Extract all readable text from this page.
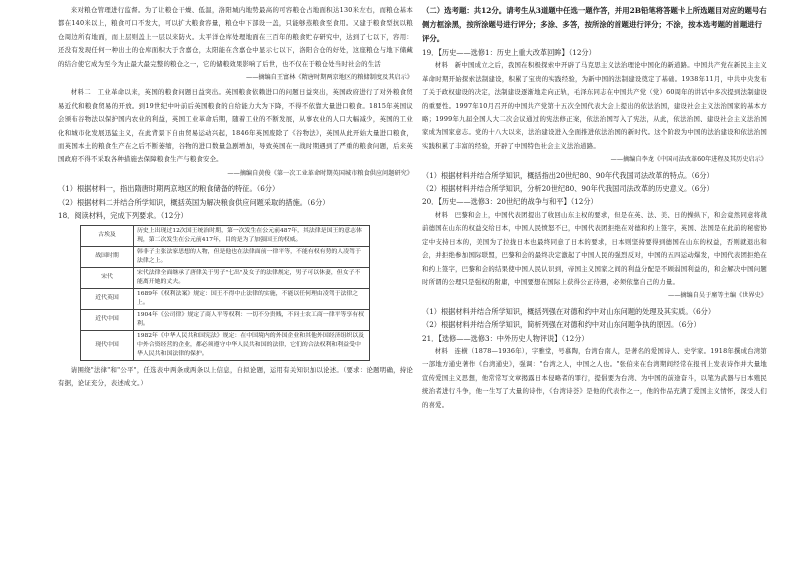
来对粮仓管理进行监督。为了让粮仓干燥、低温，洛阳城内地势最高的可容粮仓占地面积达130米左右，而粮仓基本都在140米以上，粮食可口不发大，可以扩大粮食容量，粮仓中下部设一盖，只能够蒸粮食至食用。又建于粮食型抗以粮仓周边所有地面，而上层则盖上一层以来防火。太平洋仓库处理地面在三百年的粮食贮存研究中，达到了七以下，容用：还没有发现任何一种出土的仓库面积大于含嘉仓，太阳能在含嘉仓中显示七以下，洛阳合仓的好处，这座粮仓与地下储藏的结合使它成为至今为止最大最完整的粮仓之一，它的储粮效果影响了后世，也不仅在于粮仓处当时社会的生活

——摘编自王富林《隋唐时期两京地区的粮储制度及其启示》

材料二　工业革命以来，英国的粮食问题日益突出。英国粮食依赖进口的问题日益突出，英国政府进行了对外粮食贸易近代和粮食贸易的开放。到19世纪中叶前后英国粮食的自给能力大为下降，不得不依靠大量进口粮食。1815年英国议会颁布谷物法以保护国内农业的利益，英国工业革命后期，随着工业的不断发展，从事农业的人口大幅减少，英国的工业化和城市化发展迅猛主义，在此背景下自由贸易运动兴起，1846年英国废除了《谷物法》，英国从此开始大量进口粮食，而英国本土的粮食生产在之后不断萎缩，谷物的进口数量急剧增加，导致英国在一战时期遇到了严重的粮食问题，后来英国政府不得不采取各种措施去保障粮食生产与粮食安全。

——摘编自黄俊《第一次工业革命时期英国城市粮食供应问题研究》

（1）根据材料一，指出隋唐时期两京地区的粮食储备的特征。（6分）

（2）根据材料二并结合所学知识，概括英国为解决粮食供应问题采取的措施。（6分）

18．阅读材料，完成下列要求。（12分）

古埃及	历史上出现过12次国王统治时期，第一次发生在公元前487年，其法律是国王的意志体现，第二次发生在公元前417年，目的是为了加强国王的权威。
战国时期	韩非子主张法家思想的人物，但是他也在法律面前一律平等，不能有权有势的人凌驾于法律之上。
宋代	宋代法律全面继承了唐律关于男子"七出"及女子的法律规定，男子可以休妻，但女子不能离开她的丈夫。
近代英国	1689年《权利法案》规定：国王不得中止法律的实施，不能以任何理由凌驾于法律之上。
近代中国	1904年《公司律》规定了商人平等权利：一切不分贵贱，不问士农工商一律平等享有权利。
现代中国	1982年《中华人民共和国宪法》规定：在中国境内的外国企业和其他外国经济组织以及中外合资经营的企业，都必须遵守中华人民共和国的法律，它们的合法权利和利益受中华人民共和国法律的保护。

请围绕"法律"和"公平"，任选表中两条或两条以上信息，自拟论题，运用有关知识加以论述。（要求：论题明确，持论有据，论证充分，表述成文。）

（二）选考题：共12分。请考生从3道题中任选一题作答，并用2B铅笔将答题卡上所选题目对应的题号右侧方框涂黑，按所涂题号进行评分；多涂、多答，按所涂的首题进行评分；不涂，按本选考题的首题进行评分。

19．【历史——选修1：历史上重大改革回眸】（12分）

材料　新中国成立之后，我国在积极探索中开辟了马克思主义法治理论中国化的新道路。中国共产党在新民主主义革命时期开始探索法制建设，积累了宝贵的实践经验，为新中国的法制建设奠定了基础。1938年11月，中共中央发布了关于政权建设的决定，法制建设逐渐地走向正轨，毛泽东同志在中国共产党（党）60周年的讲话中多次提到法制建设的重要性。1997年10月召开的中国共产党第十五次全国代表大会上提出的依法治国，建设社会主义法治国家的基本方略；1999年九届全国人大二次会议通过的宪法修正案，依法治国写入了宪法，从此，依法治国、建设社会主义法治国家成为国家意志。党的十八大以来，法治建设进入全面推进依法治国的新时代。这个阶段为中国的法治建设和依法治国实践积累了丰富的经验，开辟了中国特色社会主义法治道路。

——摘编自李龙《中国司法改革60年进程及其历史启示》

（1）根据材料并结合所学知识，概括指出20世纪80、90年代我国司法改革的特点。（6分）

（2）根据材料并结合所学知识，分析20世纪80、90年代我国司法改革的历史意义。（6分）

20．【历史——选修3：20世纪的战争与和平】（12分）

材料　巴黎和会上，中国代表团提出了收回山东主权的要求，但是在英、法、美、日的操纵下，和会竟然同意将战前德国在山东的权益交给日本，中国人民愤怒不已，中国代表团拒绝在对德和约上签字，英国、法国是在此前的秘密协定中支持日本的，美国为了拉拢日本也最终同意了日本的要求，日本则坚持要得到德国在山东的权益，否则就退出和会，并拒绝参加国际联盟，巴黎和会的最终决定激起了中国人民的强烈反对，中国的五四运动爆发，中国代表团拒绝在和约上签字，巴黎和会的结果使中国人民认识到，帝国主义国家之间的利益分配是不顾弱国利益的，和会解决中国问题时所谓的公理只是强权的附庸，中国要想在国际上获得公正待遇，必须依靠自己的力量。

——摘编自吴于廑等主编《世界史》

（1）根据材料并结合所学知识，概括列强在对德和约中对山东问题的处理及其实质。（6分）

（2）根据材料并结合所学知识，简析列强在对德和约中对山东问题争执的原因。（6分）

21．【选修——选修3：中外历史人物评说】（12分）

材料　连横（1878—1936年），字雅堂，号慕陶，台湾台南人，是著名的爱国诗人、史学家。1918年撰成台湾第一部地方通史著作《台湾通史》，强调："台湾之人，中国之人也。"张伯来在台湾期间经常在报刊上发表诗作并大量地宣传爱国主义思想，他常常写文章揭露日本侵略者的罪行，提倡要为台湾、为中国的前途奋斗，以笔为武器与日本殖民统治者进行斗争，他一生写了大量的诗作，《台湾诗荟》是他的代表作之一，他的作品充满了爱国主义情怀，深受人们的喜爱。
